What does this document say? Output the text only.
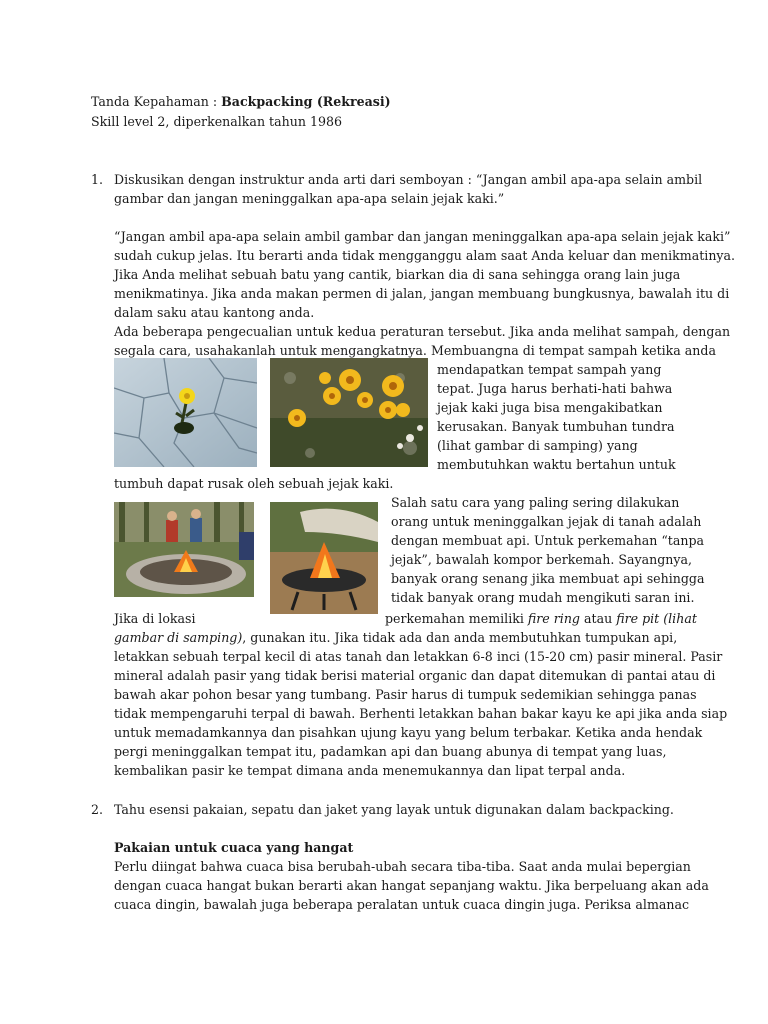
Tanda Kepahaman : Backpacking (Rekreasi)
Skill level 2, diperkenalkan tahun 1986
1. Diskusikan dengan instruktur anda arti dari semboyan : “Jangan ambil apa-apa selain ambil
gambar dan jangan meninggalkan apa-apa selain jejak kaki.”
“Jangan ambil apa-apa selain ambil gambar dan jangan meninggalkan apa-apa selain jejak kaki”
sudah cukup jelas. Itu berarti anda tidak mengganggu alam saat Anda keluar dan menikmatinya.
Jika Anda melihat sebuah batu yang cantik, biarkan dia di sana sehingga orang lain juga
menikmatinya. Jika anda makan permen di jalan, jangan membuang bungkusnya, bawalah itu di
dalam saku atau kantong anda.
Ada beberapa pengecualian untuk kedua peraturan tersebut. Jika anda melihat sampah, dengan
segala cara, usahakanlah untuk mengangkatnya. Membuangna di tempat sampah ketika anda
mendapatkan tempat sampah yang
tepat. Juga harus berhati-hati bahwa
jejak kaki juga bisa mengakibatkan
kerusakan. Banyak tumbuhan tundra
(lihat gambar di samping) yang
membutuhkan waktu bertahun untuk
tumbuh dapat rusak oleh sebuah jejak kaki.
Salah satu cara yang paling sering dilakukan
orang untuk meninggalkan jejak di tanah adalah
dengan membuat api. Untuk perkemahan “tanpa
jejak”, bawalah kompor berkemah. Sayangnya,
banyak orang senang jika membuat api sehingga
tidak banyak orang mudah mengikuti saran ini.
Jika di lokasi	perkemahan memiliki fire ring atau fire pit (lihat
gambar di samping), gunakan itu. Jika tidak ada dan anda membutuhkan tumpukan api,
letakkan sebuah terpal kecil di atas tanah dan letakkan 6-8 inci (15-20 cm) pasir mineral. Pasir
mineral adalah pasir yang tidak berisi material organic dan dapat ditemukan di pantai atau di
bawah akar pohon besar yang tumbang. Pasir harus di tumpuk sedemikian sehingga panas
tidak mempengaruhi terpal di bawah. Berhenti letakkan bahan bakar kayu ke api jika anda siap
untuk memadamkannya dan pisahkan ujung kayu yang belum terbakar. Ketika anda hendak
pergi meninggalkan tempat itu, padamkan api dan buang abunya di tempat yang luas,
kembalikan pasir ke tempat dimana anda menemukannya dan lipat terpal anda.
2. Tahu esensi pakaian, sepatu dan jaket yang layak untuk digunakan dalam backpacking.
Pakaian untuk cuaca yang hangat
Perlu diingat bahwa cuaca bisa berubah-ubah secara tiba-tiba. Saat anda mulai bepergian
dengan cuaca hangat bukan berarti akan hangat sepanjang waktu. Jika berpeluang akan ada
cuaca dingin, bawalah juga beberapa peralatan untuk cuaca dingin juga. Periksa almanac
